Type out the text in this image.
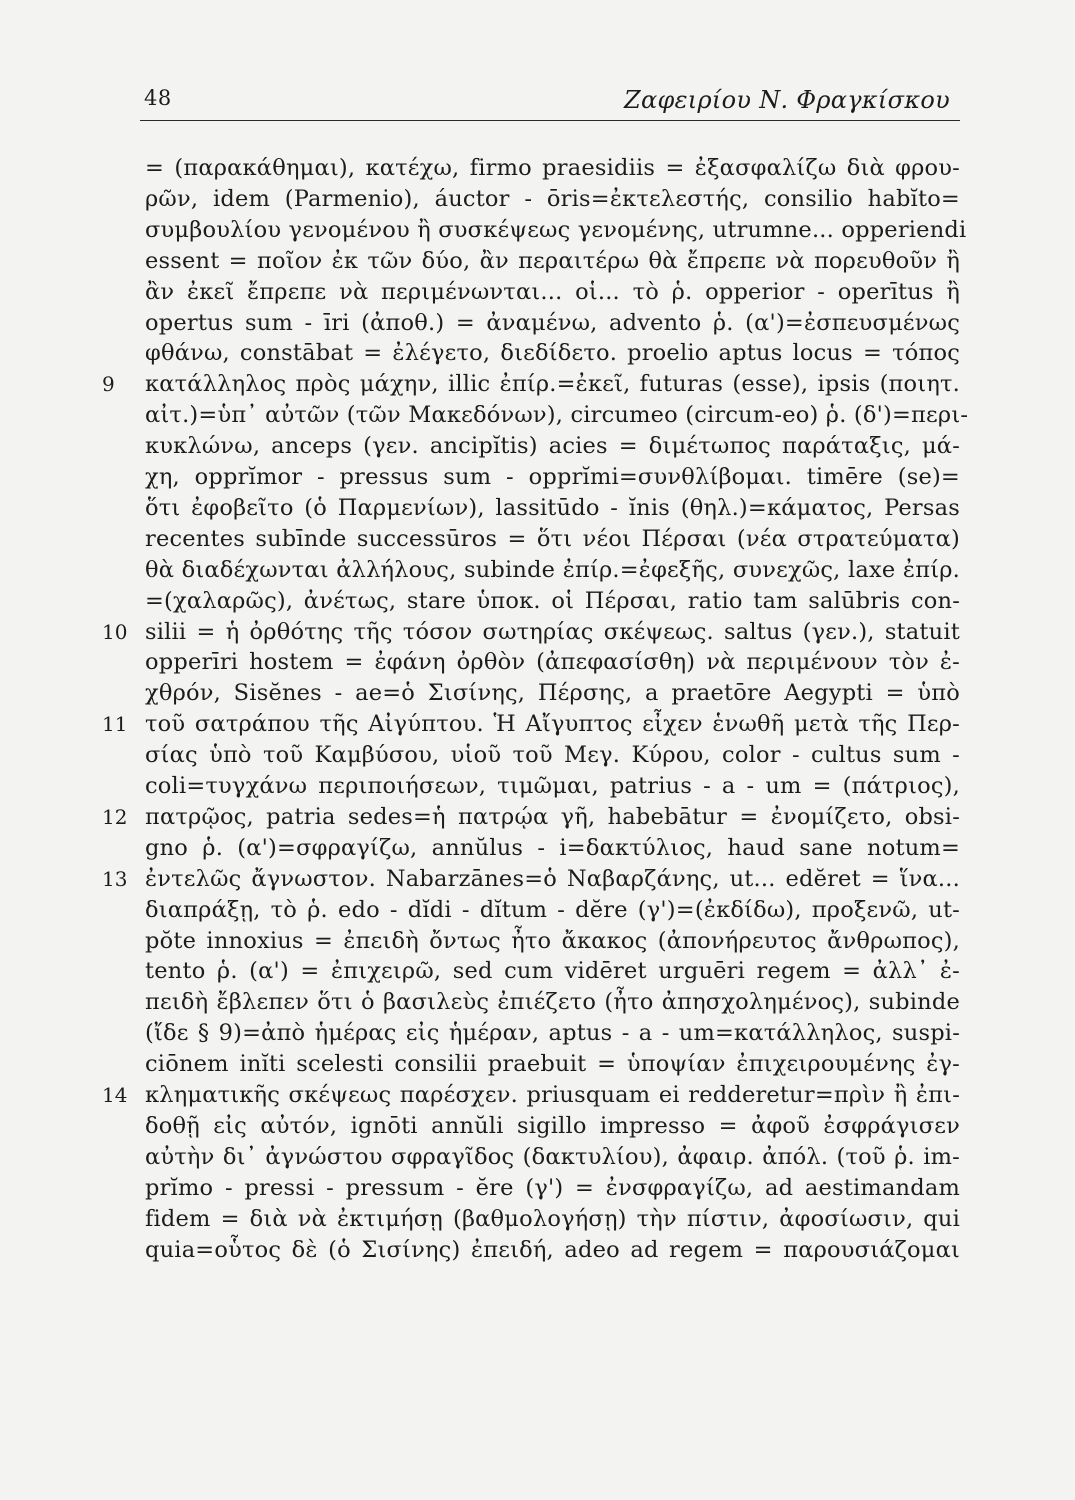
48	Ζαφειρίου Ν. Φραγκίσκου
= (παρακάθημαι), κατέχω, firmo praesidiis = ἐξασφαλίζω διὰ φρου-
ρῶν, idem (Parmenio), áuctor - ōris=ἐκτελεστής, consilio habĭto=
συμβουλίου γενομένου ἢ συσκέψεως γενομένης, utrumne... opperiendi
essent = ποῖον ἐκ τῶν δύο, ἂν περαιτέρω θὰ ἔπρεπε νὰ πορευθοῦν ἢ
ἂν ἐκεῖ ἔπρεπε νὰ περιμένωνται... οἱ... τὸ ῥ. opperior - operītus ἢ
opertus sum - īri (ἀποθ.) = ἀναμένω, advento ῥ. (α')=ἐσπευσμένως
φθάνω, constābat = ἐλέγετο, διεδίδετο. proelio aptus locus = τόπος
κατάλληλος πρὸς μάχην, illic ἐπίρ.=ἐκεῖ, futuras (esse), ipsis (ποιητ.
αἰτ.)=ὑπ᾽ αὐτῶν (τῶν Μακεδόνων), circumeo (circum-eo) ῥ. (δ')=περι-
κυκλώνω, anceps (γεν. ancipĭtis) acies = διμέτωπος παράταξις, μά-
χη, opprĭmor - pressus sum - opprĭmi=συνθλίβομαι. timēre (se)=
ὅτι ἐφοβεῖτο (ὁ Παρμενίων), lassitūdo - ĭnis (θηλ.)=κάματος, Persas
recentes subīnde successūros = ὅτι νέοι Πέρσαι (νέα στρατεύματα)
θὰ διαδέχωνται ἀλλήλους, subinde ἐπίρ.=ἐφεξῆς, συνεχῶς, laxe ἐπίρ.
=(χαλαρῶς), ἀνέτως, stare ὑποκ. οἱ Πέρσαι, ratio tam salūbris con-
silii = ἡ ὀρθότης τῆς τόσον σωτηρίας σκέψεως. saltus (γεν.), statuit
opperīri hostem = ἐφάνη ὀρθὸν (ἀπεφασίσθη) νὰ περιμένουν τὸν ἐ-
χθρόν, Sisĕnes - ae=ὁ Σισίνης, Πέρσης, a praetōre Aegypti = ὑπὸ
τοῦ σατράπου τῆς Αἰγύπτου. Ἡ Αἴγυπτος εἶχεν ἑνωθῆ μετὰ τῆς Περ-
σίας ὑπὸ τοῦ Καμβύσου, υἱοῦ τοῦ Μεγ. Κύρου, color - cultus sum -
coli=τυγχάνω περιποιήσεων, τιμῶμαι, patrius - a - um = (πάτριος),
πατρῷος, patria sedes=ἡ πατρῴα γῆ, habebātur = ἐνομίζετο, obsi-
gno ῥ. (α')=σφραγίζω, annŭlus - i=δακτύλιος, haud sane notum=
ἐντελῶς ἄγνωστον. Nabarzānes=ὁ Ναβαρζάνης, ut... edĕret = ἵνα...
διαπράξῃ, τὸ ῥ. edo - dĭdi - dĭtum - dĕre (γ')=(ἐκδίδω), προξενῶ, ut-
pŏte innoxius = ἐπειδὴ ὄντως ἦτο ἄκακος (ἀπονήρευτος ἄνθρωπος),
tento ῥ. (α') = ἐπιχειρῶ, sed cum vidēret urguēri regem = ἀλλ᾽ ἐ-
πειδὴ ἔβλεπεν ὅτι ὁ βασιλεὺς ἐπιέζετο (ἦτο ἀπησχολημένος), subinde
(ἴδε § 9)=ἀπὸ ἡμέρας εἰς ἡμέραν, aptus - a - um=κατάλληλος, suspi-
ciōnem inĭti scelesti consilii praebuit = ὑποψίαν ἐπιχειρουμένης ἐγ-
κληματικῆς σκέψεως παρέσχεν. priusquam ei redderetur=πρὶν ἢ ἐπι-
δοθῇ εἰς αὐτόν, ignōti annŭli sigillo impresso = ἀφοῦ ἐσφράγισεν
αὐτὴν δι᾽ ἀγνώστου σφραγῖδος (δακτυλίου), ἀφαιρ. ἀπόλ. (τοῦ ῥ. im-
prĭmo - pressi - pressum - ĕre (γ') = ἐνσφραγίζω, ad aestimandam
fidem = διὰ νὰ ἐκτιμήσῃ (βαθμολογήσῃ) τὴν πίστιν, ἀφοσίωσιν, qui
quia=οὗτος δὲ (ὁ Σισίνης) ἐπειδή, adeo ad regem = παρουσιάζομαι
9
10
11
12
13
14
